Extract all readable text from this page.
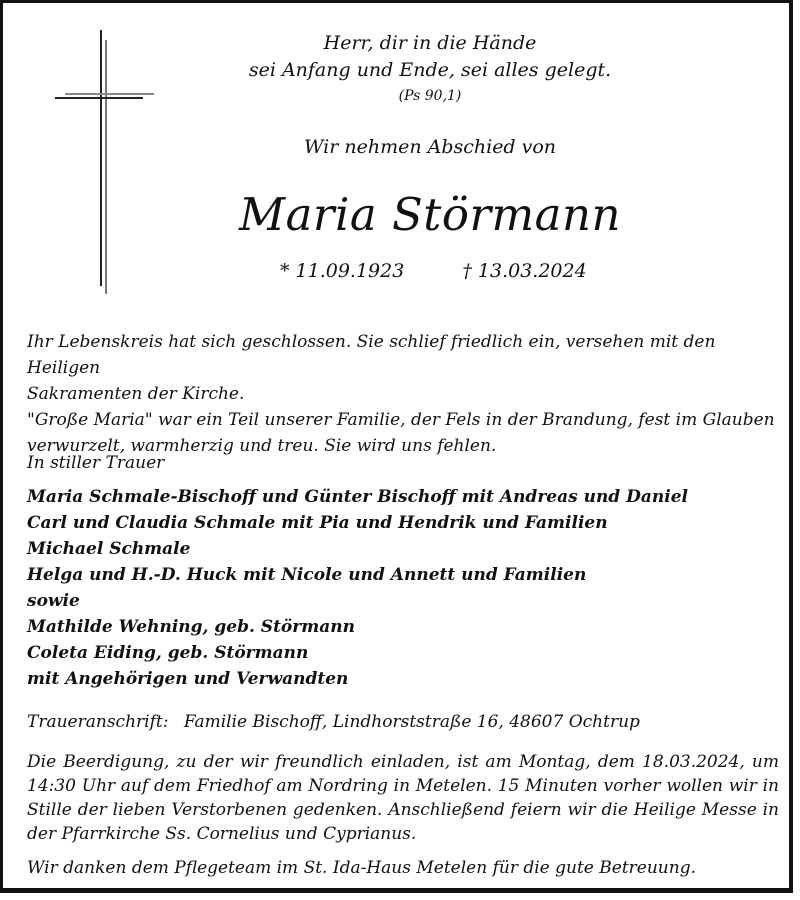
Herr, dir in die Hände

sei Anfang und Ende, sei alles gelegt.

(Ps 90,1)

Wir nehmen Abschied von
Maria Störmann
* 11.09.1923	† 13.03.2024

Ihr Lebenskreis hat sich geschlossen. Sie schlief friedlich ein, versehen mit den Heiligen

Sakramenten der Kirche.

"Große Maria" war ein Teil unserer Familie, der Fels in der Brandung, fest im Glauben

verwurzelt, warmherzig und treu. Sie wird uns fehlen.

In stiller Trauer

Maria Schmale-Bischoff und Günter Bischoff mit Andreas und Daniel

Carl und Claudia Schmale mit Pia und Hendrik und Familien

Michael Schmale

Helga und H.-D. Huck mit Nicole und Annett und Familien

sowie

Mathilde Wehning, geb. Störmann

Coleta Eiding, geb. Störmann

mit Angehörigen und Verwandten

Traueranschrift: Familie Bischoff, Lindhorststraße 16, 48607 Ochtrup
Die Beerdigung, zu der wir freundlich einladen, ist am Montag, dem 18.03.2024, um 14:30 Uhr auf dem Friedhof am Nordring in Metelen. 15 Minuten vorher wollen wir in Stille der lieben Verstorbenen gedenken. Anschließend feiern wir die Heilige Messe in der Pfarrkirche Ss. Cornelius und Cyprianus.
Wir danken dem Pflegeteam im St. Ida-Haus Metelen für die gute Betreuung.
